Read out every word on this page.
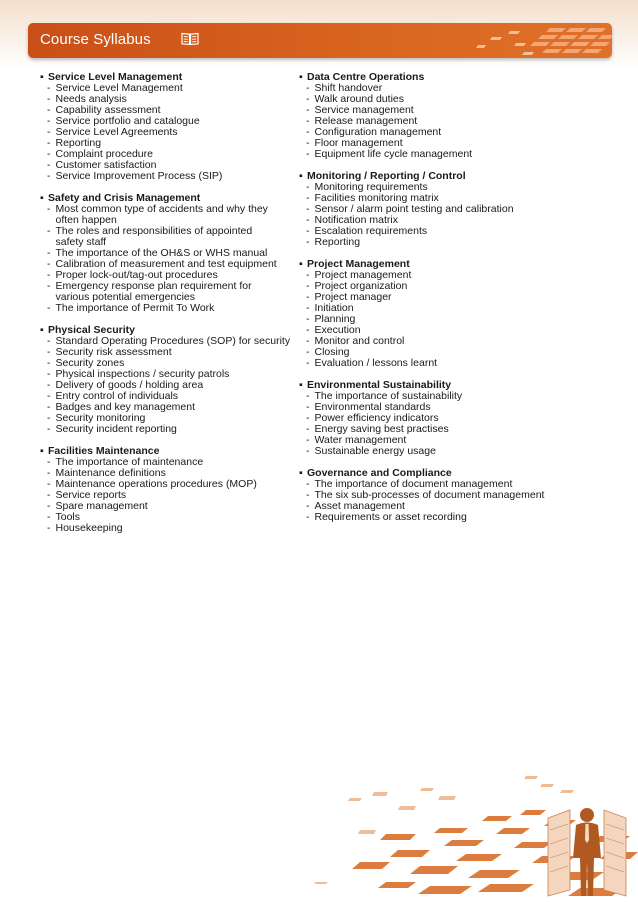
Course Syllabus
▪ Service Level Management
- Service Level Management
- Needs analysis
- Capability assessment
- Service portfolio and catalogue
- Service Level Agreements
- Reporting
- Complaint procedure
- Customer satisfaction
- Service Improvement Process (SIP)
▪ Safety and Crisis Management
- Most common type of accidents and why they
often happen
- The roles and responsibilities of appointed
safety staff
- The importance of the OH&S or WHS manual
- Calibration of measurement and test equipment
- Proper lock-out/tag-out procedures
- Emergency response plan requirement for
various potential emergencies
- The importance of Permit To Work
▪ Physical Security
- Standard Operating Procedures (SOP) for security
- Security risk assessment
- Security zones
- Physical inspections / security patrols
- Delivery of goods / holding area
- Entry control of individuals
- Badges and key management
- Security monitoring
- Security incident reporting
▪ Facilities Maintenance
- The importance of maintenance
- Maintenance definitions
- Maintenance operations procedures (MOP)
- Service reports
- Spare management
- Tools
- Housekeeping
▪ Data Centre Operations
- Shift handover
- Walk around duties
- Service management
- Release management
- Configuration management
- Floor management
- Equipment life cycle management
▪ Monitoring / Reporting / Control
- Monitoring requirements
- Facilities monitoring matrix
- Sensor / alarm point testing and calibration
- Notification matrix
- Escalation requirements
- Reporting
▪ Project Management
- Project management
- Project organization
- Project manager
- Initiation
- Planning
- Execution
- Monitor and control
- Closing
- Evaluation / lessons learnt
▪ Environmental Sustainability
- The importance of sustainability
- Environmental standards
- Power efficiency indicators
- Energy saving best practises
- Water management
- Sustainable energy usage
▪ Governance and Compliance
- The importance of document management
- The six sub-processes of document management
- Asset management
- Requirements or asset recording
